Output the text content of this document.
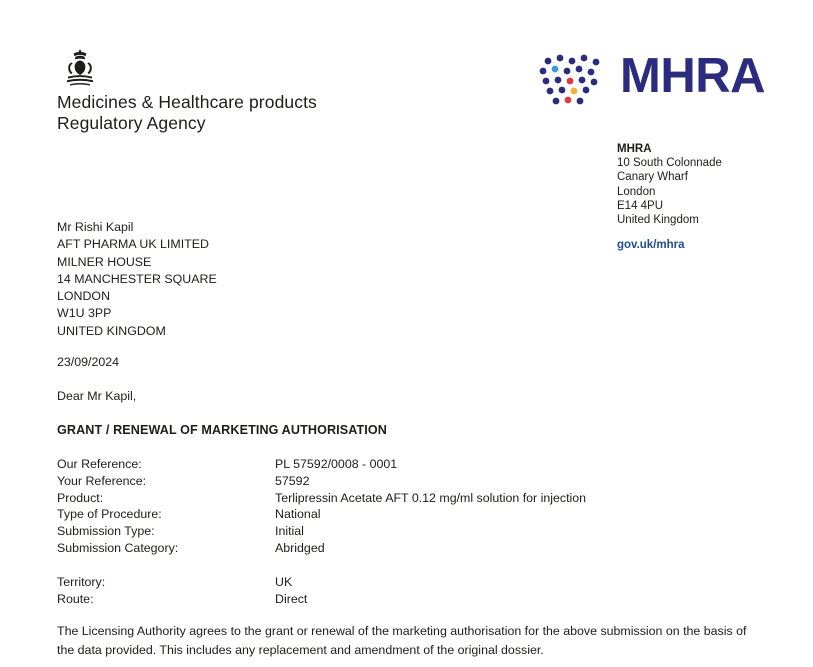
Medicines & Healthcare products
Regulatory Agency
MHRA
MHRA
10 South Colonnade
Canary Wharf
London
E14 4PU
United Kingdom
gov.uk/mhra
Mr Rishi Kapil
AFT PHARMA UK LIMITED
MILNER HOUSE
14 MANCHESTER SQUARE
LONDON
W1U 3PP
UNITED KINGDOM
23/09/2024
Dear Mr Kapil,
GRANT / RENEWAL OF MARKETING AUTHORISATION
Our Reference:	PL 57592/0008 - 0001
Your Reference:	57592
Product:	Terlipressin Acetate AFT 0.12 mg/ml solution for injection
Type of Procedure:	National
Submission Type:	Initial
Submission Category:	Abridged

Territory:	UK
Route:	Direct
The Licensing Authority agrees to the grant or renewal of the marketing authorisation for the above submission on the basis of the data provided. This includes any replacement and amendment of the original dossier.
